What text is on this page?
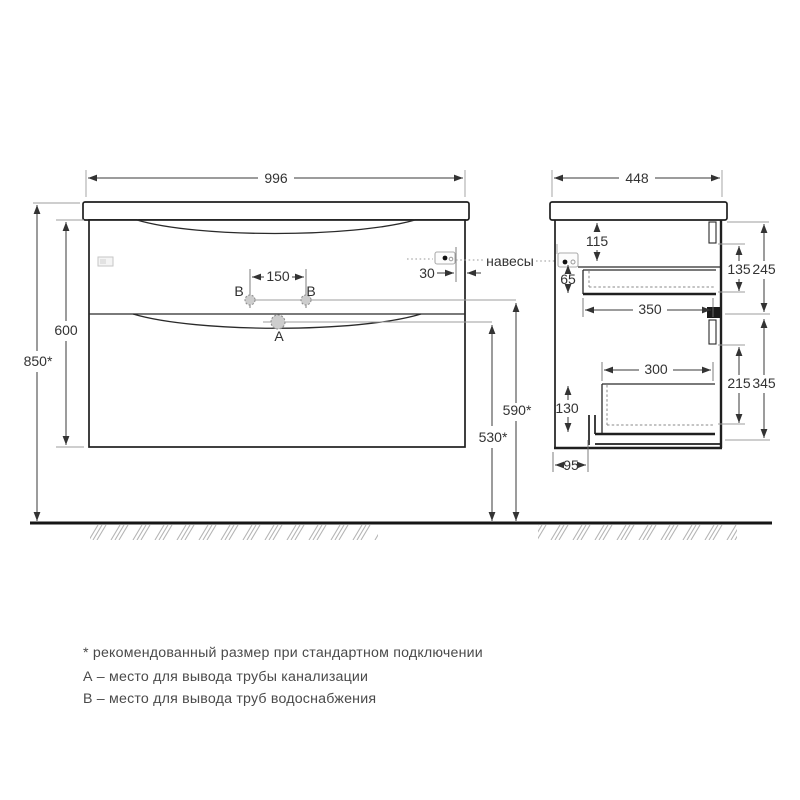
996
600
850*
150
B	B
A
30
навесы
590*
530*
448
115
65
350
300
130
95
135 245
215 345
* рекомендованный размер при стандартном подключении
А – место для вывода трубы канализации
В – место для вывода труб водоснабжения
